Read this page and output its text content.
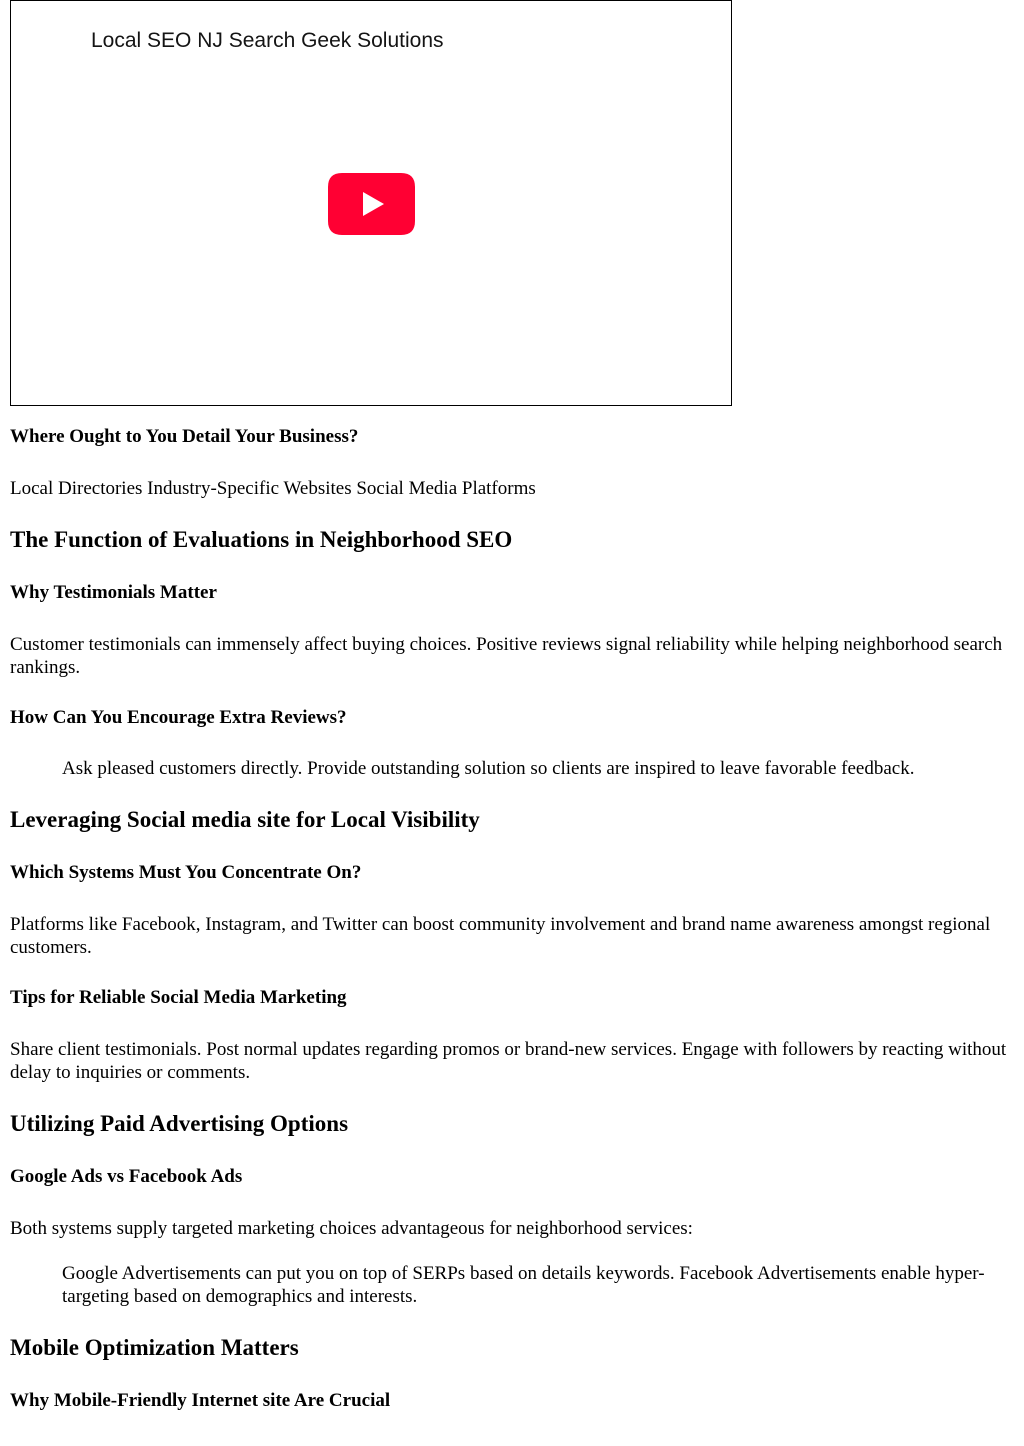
Local SEO NJ Search Geek Solutions
Where Ought to You Detail Your Business?

Local Directories Industry-Specific Websites Social Media Platforms

The Function of Evaluations in Neighborhood SEO
Why Testimonials Matter

Customer testimonials can immensely affect buying choices. Positive reviews signal reliability while helping neighborhood search rankings.

How Can You Encourage Extra Reviews?
Ask pleased customers directly. Provide outstanding solution so clients are inspired to leave favorable feedback.
Leveraging Social media site for Local Visibility
Which Systems Must You Concentrate On?

Platforms like Facebook, Instagram, and Twitter can boost community involvement and brand name awareness amongst regional customers.

Tips for Reliable Social Media Marketing

Share client testimonials. Post normal updates regarding promos or brand-new services. Engage with followers by reacting without delay to inquiries or comments.

Utilizing Paid Advertising Options
Google Ads vs Facebook Ads

Both systems supply targeted marketing choices advantageous for neighborhood services:

Google Advertisements can put you on top of SERPs based on details keywords. Facebook Advertisements enable hyper-targeting based on demographics and interests.
Mobile Optimization Matters
Why Mobile-Friendly Internet site Are Crucial
